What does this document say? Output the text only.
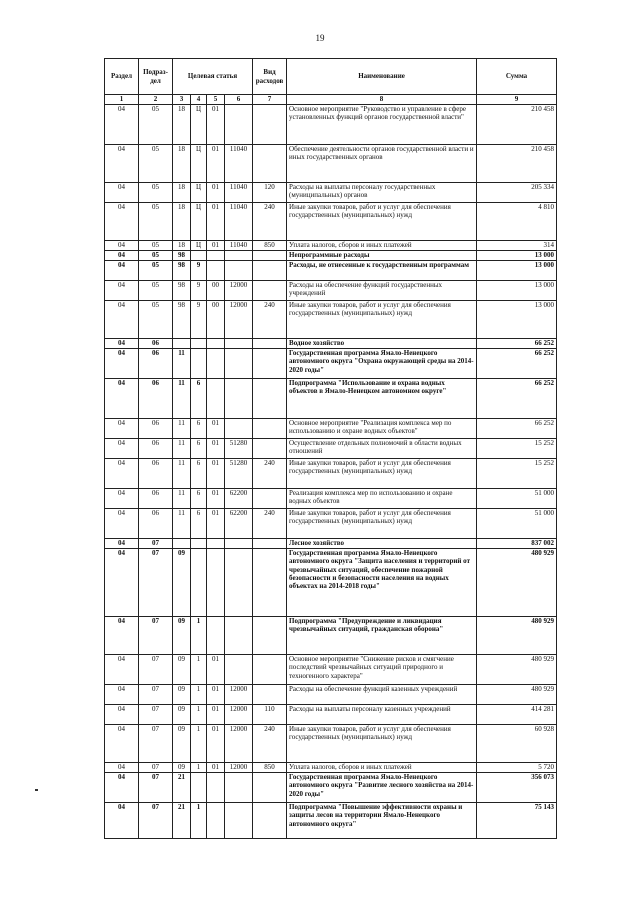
19
Раздел	Подраз-дел	Целевая статья				Вид расходов	Наименование	Сумма
1	2	3	4	5	6	7	8	9
04	05	18	Ц	01			Основное мероприятие "Руководство и управление в сфере установленных функций органов государственной власти"	210 458
04	05	18	Ц	01	11040		Обеспечение деятельности органов государственной власти и иных государственных органов	210 458
04	05	18	Ц	01	11040	120	Расходы на выплаты персоналу государственных (муниципальных) органов	205 334
04	05	18	Ц	01	11040	240	Иные закупки товаров, работ и услуг для обеспечения государственных (муниципальных) нужд	4 810
04	05	18	Ц	01	11040	850	Уплата налогов, сборов и иных платежей	314
04	05	98					Непрограммные расходы	13 000
04	05	98	9				Расходы, не отнесенные к государственным программам	13 000
04	05	98	9	00	12000		Расходы на обеспечение функций государственных учреждений	13 000
04	05	98	9	00	12000	240	Иные закупки товаров, работ и услуг для обеспечения государственных (муниципальных) нужд	13 000
04	06						Водное хозяйство	66 252
04	06	11					Государственная программа Ямало-Ненецкого автономного округа "Охрана окружающей среды на 2014-2020 годы"	66 252
04	06	11	6				Подпрограмма "Использование и охрана водных объектов в Ямало-Ненецком автономном округе"	66 252
04	06	11	6	01			Основное мероприятие "Реализация комплекса мер по использованию и охране водных объектов"	66 252
04	06	11	6	01	51280		Осуществление отдельных полномочий в области водных отношений	15 252
04	06	11	6	01	51280	240	Иные закупки товаров, работ и услуг для обеспечения государственных (муниципальных) нужд	15 252
04	06	11	6	01	62200		Реализация комплекса мер по использованию и охране водных объектов	51 000
04	06	11	6	01	62200	240	Иные закупки товаров, работ и услуг для обеспечения государственных (муниципальных) нужд	51 000
04	07						Лесное хозяйство	837 002
04	07	09					Государственная программа Ямало-Ненецкого автономного округа "Защита населения и территорий от чрезвычайных ситуаций, обеспечение пожарной безопасности и безопасности населения на водных объектах на 2014-2018 годы"	480 929
04	07	09	1				Подпрограмма "Предупреждение и ликвидация чрезвычайных ситуаций, гражданская оборона"	480 929
04	07	09	1	01			Основное мероприятие "Снижение рисков и смягчение последствий чрезвычайных ситуаций природного и техногенного характера"	480 929
04	07	09	1	01	12000		Расходы на обеспечение функций казенных учреждений	480 929
04	07	09	1	01	12000	110	Расходы на выплаты персоналу казенных учреждений	414 281
04	07	09	1	01	12000	240	Иные закупки товаров, работ и услуг для обеспечения государственных (муниципальных) нужд	60 928
04	07	09	1	01	12000	850	Уплата налогов, сборов и иных платежей	5 720
04	07	21					Государственная программа Ямало-Ненецкого автономного округа "Развитие лесного хозяйства на 2014-2020 годы"	356 073
04	07	21	1				Подпрограмма "Повышение эффективности охраны и защиты лесов на территории Ямало-Ненецкого автономного округа"	75 143
